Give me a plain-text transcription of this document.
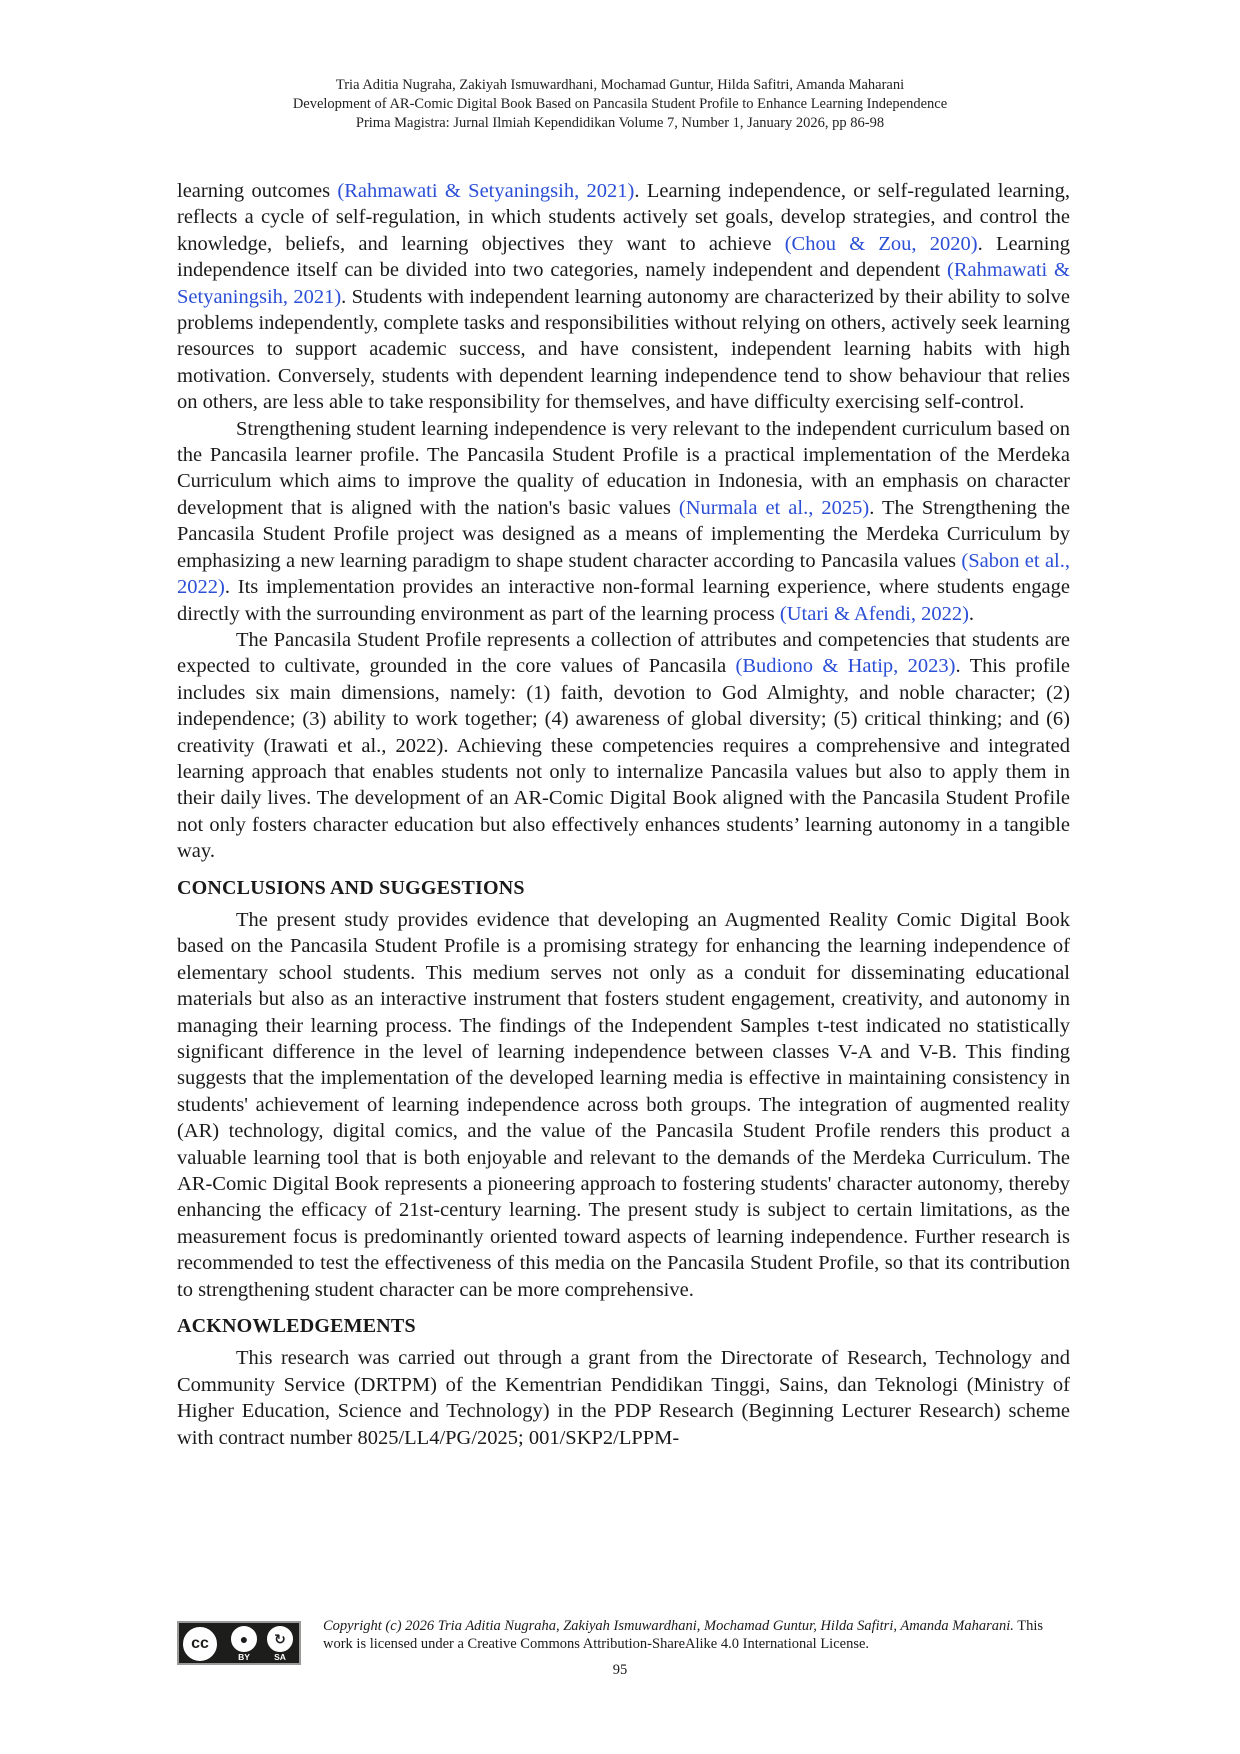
Tria Aditia Nugraha, Zakiyah Ismuwardhani, Mochamad Guntur, Hilda Safitri, Amanda Maharani
Development of AR-Comic Digital Book Based on Pancasila Student Profile to Enhance Learning Independence
Prima Magistra: Jurnal Ilmiah Kependidikan Volume 7, Number 1, January 2026, pp 86-98

learning outcomes (Rahmawati & Setyaningsih, 2021). Learning independence, or self-regulated learning, reflects a cycle of self-regulation, in which students actively set goals, develop strategies, and control the knowledge, beliefs, and learning objectives they want to achieve (Chou & Zou, 2020). Learning independence itself can be divided into two categories, namely independent and dependent (Rahmawati & Setyaningsih, 2021). Students with independent learning autonomy are characterized by their ability to solve problems independently, complete tasks and responsibilities without relying on others, actively seek learning resources to support academic success, and have consistent, independent learning habits with high motivation. Conversely, students with dependent learning independence tend to show behaviour that relies on others, are less able to take responsibility for themselves, and have difficulty exercising self-control.

Strengthening student learning independence is very relevant to the independent curriculum based on the Pancasila learner profile. The Pancasila Student Profile is a practical implementation of the Merdeka Curriculum which aims to improve the quality of education in Indonesia, with an emphasis on character development that is aligned with the nation's basic values (Nurmala et al., 2025). The Strengthening the Pancasila Student Profile project was designed as a means of implementing the Merdeka Curriculum by emphasizing a new learning paradigm to shape student character according to Pancasila values (Sabon et al., 2022). Its implementation provides an interactive non-formal learning experience, where students engage directly with the surrounding environment as part of the learning process (Utari & Afendi, 2022).

The Pancasila Student Profile represents a collection of attributes and competencies that students are expected to cultivate, grounded in the core values of Pancasila (Budiono & Hatip, 2023). This profile includes six main dimensions, namely: (1) faith, devotion to God Almighty, and noble character; (2) independence; (3) ability to work together; (4) awareness of global diversity; (5) critical thinking; and (6) creativity (Irawati et al., 2022). Achieving these competencies requires a comprehensive and integrated learning approach that enables students not only to internalize Pancasila values but also to apply them in their daily lives. The development of an AR-Comic Digital Book aligned with the Pancasila Student Profile not only fosters character education but also effectively enhances students’ learning autonomy in a tangible way.

CONCLUSIONS AND SUGGESTIONS

The present study provides evidence that developing an Augmented Reality Comic Digital Book based on the Pancasila Student Profile is a promising strategy for enhancing the learning independence of elementary school students. This medium serves not only as a conduit for disseminating educational materials but also as an interactive instrument that fosters student engagement, creativity, and autonomy in managing their learning process. The findings of the Independent Samples t-test indicated no statistically significant difference in the level of learning independence between classes V-A and V-B. This finding suggests that the implementation of the developed learning media is effective in maintaining consistency in students' achievement of learning independence across both groups. The integration of augmented reality (AR) technology, digital comics, and the value of the Pancasila Student Profile renders this product a valuable learning tool that is both enjoyable and relevant to the demands of the Merdeka Curriculum. The AR-Comic Digital Book represents a pioneering approach to fostering students' character autonomy, thereby enhancing the efficacy of 21st-century learning. The present study is subject to certain limitations, as the measurement focus is predominantly oriented toward aspects of learning independence. Further research is recommended to test the effectiveness of this media on the Pancasila Student Profile, so that its contribution to strengthening student character can be more comprehensive.

ACKNOWLEDGEMENTS

This research was carried out through a grant from the Directorate of Research, Technology and Community Service (DRTPM) of the Kementrian Pendidikan Tinggi, Sains, dan Teknologi (Ministry of Higher Education, Science and Technology) in the PDP Research (Beginning Lecturer Research) scheme with contract number 8025/LL4/PG/2025; 001/SKP2/LPPM-

cc	●	↻
BY	SA
Copyright (c) 2026 Tria Aditia Nugraha, Zakiyah Ismuwardhani, Mochamad Guntur, Hilda Safitri, Amanda Maharani. This work is licensed under a Creative Commons Attribution-ShareAlike 4.0 International License.
95
